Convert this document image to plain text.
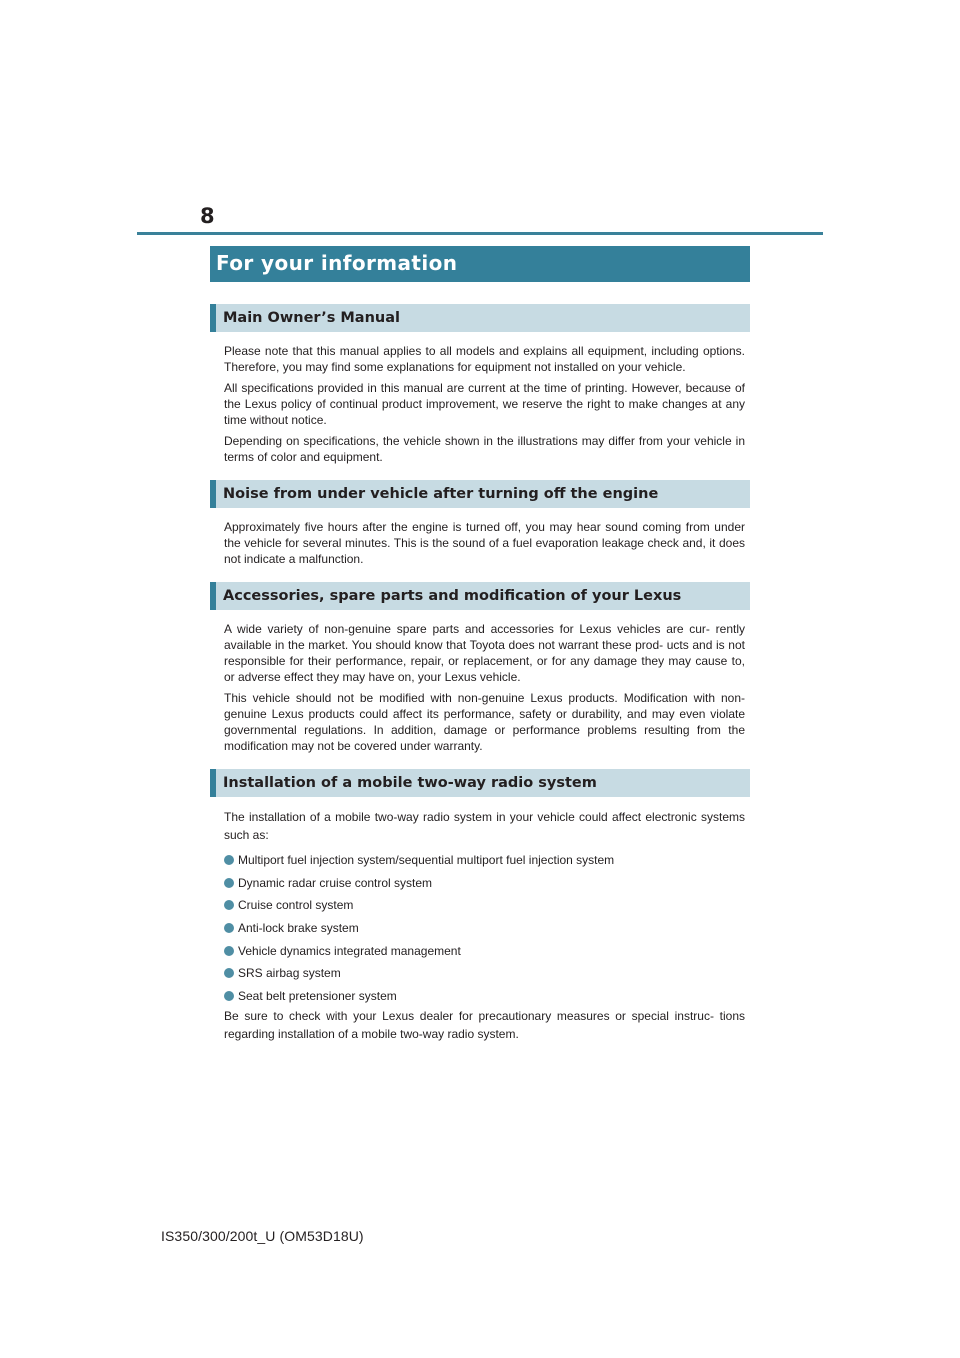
8
For your information
Main Owner’s Manual

Please note that this manual applies to all models and explains all equipment, including options. Therefore, you may find some explanations for equipment not installed on your vehicle.

All specifications provided in this manual are current at the time of printing. However, because of the Lexus policy of continual product improvement, we reserve the right to make changes at any time without notice.

Depending on specifications, the vehicle shown in the illustrations may differ from your vehicle in terms of color and equipment.

Noise from under vehicle after turning off the engine

Approximately five hours after the engine is turned off, you may hear sound coming from under the vehicle for several minutes. This is the sound of a fuel evaporation leakage check and, it does not indicate a malfunction.

Accessories, spare parts and modification of your Lexus

A wide variety of non-genuine spare parts and accessories for Lexus vehicles are cur- rently available in the market. You should know that Toyota does not warrant these prod- ucts and is not responsible for their performance, repair, or replacement, or for any damage they may cause to, or adverse effect they may have on, your Lexus vehicle.

This vehicle should not be modified with non-genuine Lexus products. Modification with non-genuine Lexus products could affect its performance, safety or durability, and may even violate governmental regulations. In addition, damage or performance problems resulting from the modification may not be covered under warranty.

Installation of a mobile two-way radio system

The installation of a mobile two-way radio system in your vehicle could affect electronic systems such as:

Multiport fuel injection system/sequential multiport fuel injection system
Dynamic radar cruise control system
Cruise control system
Anti-lock brake system
Vehicle dynamics integrated management
SRS airbag system
Seat belt pretensioner system

Be sure to check with your Lexus dealer for precautionary measures or special instruc- tions regarding installation of a mobile two-way radio system.

IS350/300/200t_U (OM53D18U)
